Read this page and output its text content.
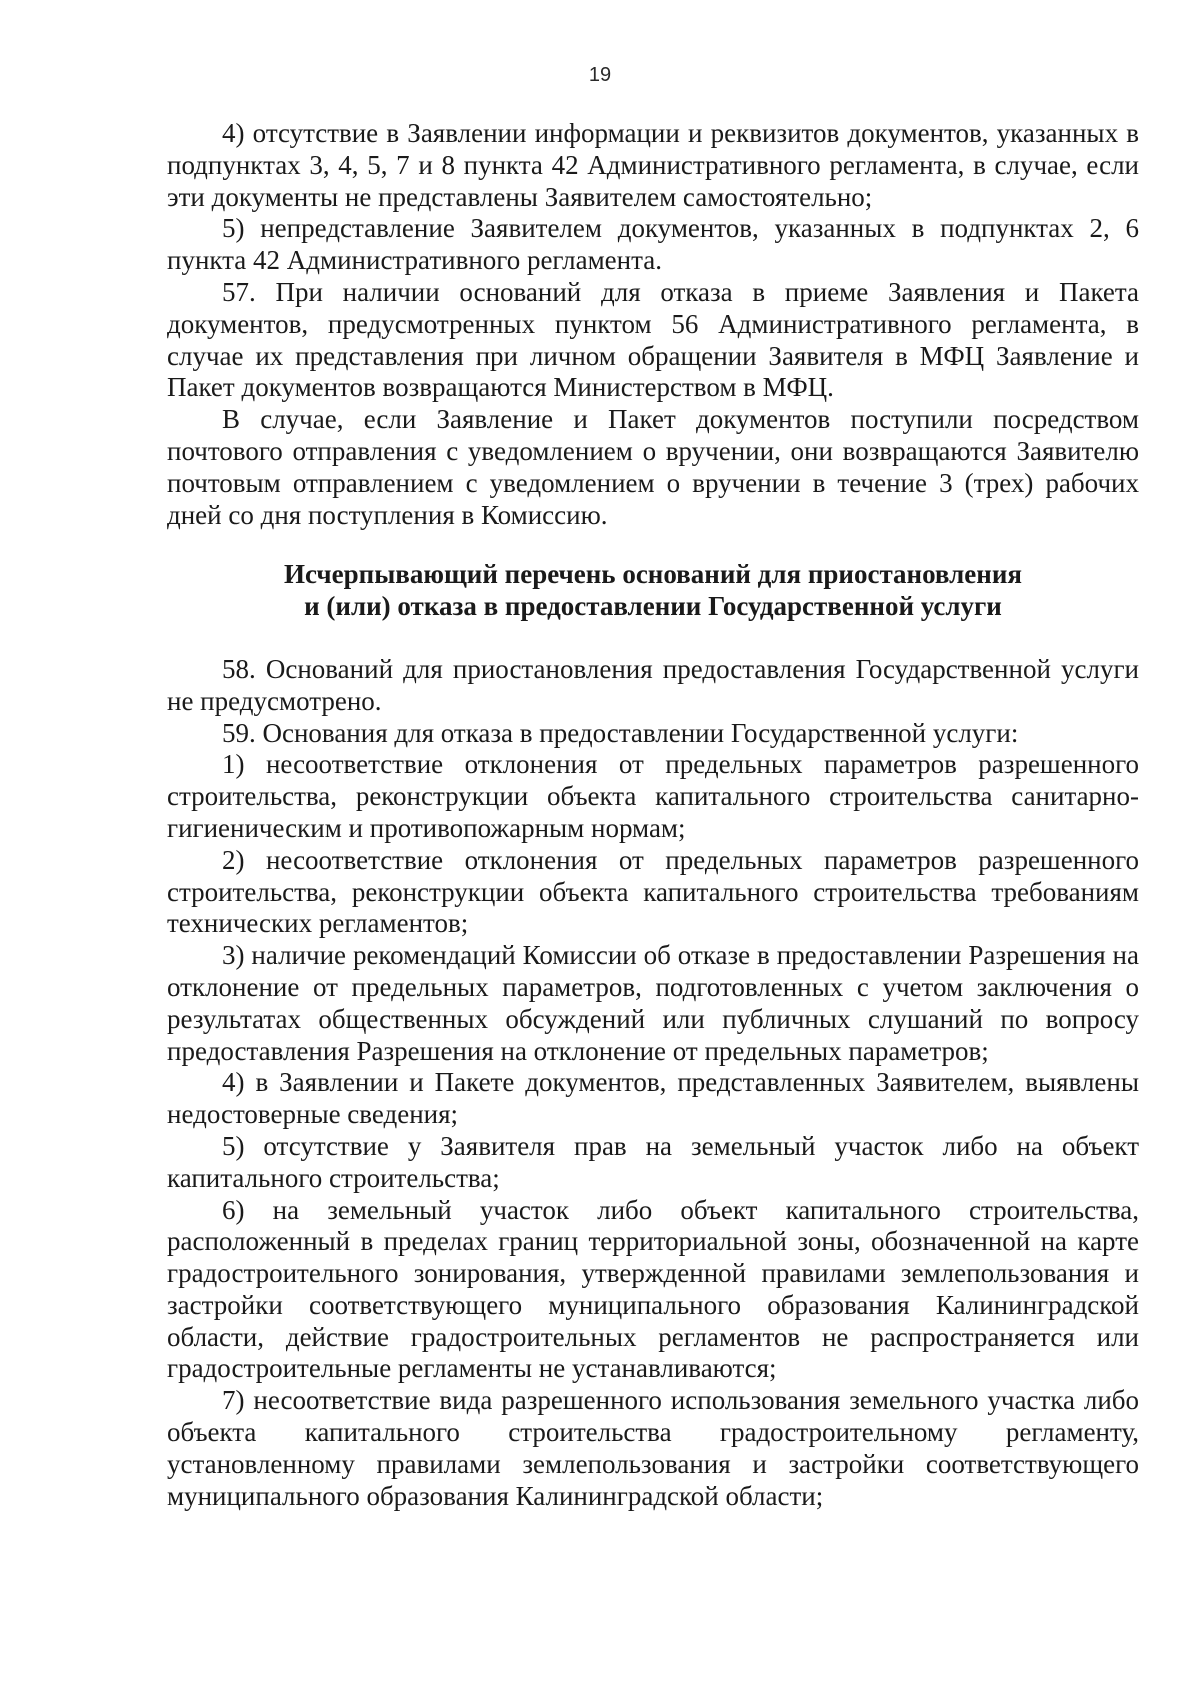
19

4) отсутствие в Заявлении информации и реквизитов документов, указанных в подпунктах 3, 4, 5, 7 и 8 пункта 42 Административного регламента, в случае, если эти документы не представлены Заявителем самостоятельно;

5) непредставление Заявителем документов, указанных в подпунктах 2, 6 пункта 42 Административного регламента.

57. При наличии оснований для отказа в приеме Заявления и Пакета документов, предусмотренных пунктом 56 Административного регламента, в случае их представления при личном обращении Заявителя в МФЦ Заявление и Пакет документов возвращаются Министерством в МФЦ.

В случае, если Заявление и Пакет документов поступили посредством почтового отправления с уведомлением о вручении, они возвращаются Заявителю почтовым отправлением с уведомлением о вручении в течение 3 (трех) рабочих дней со дня поступления в Комиссию.

Исчерпывающий перечень оснований для приостановления
и (или) отказа в предоставлении Государственной услуги

58. Оснований для приостановления предоставления Государственной услуги не предусмотрено.

59. Основания для отказа в предоставлении Государственной услуги:

1) несоответствие отклонения от предельных параметров разрешенного строительства, реконструкции объекта капитального строительства санитарно-гигиеническим и противопожарным нормам;

2) несоответствие отклонения от предельных параметров разрешенного строительства, реконструкции объекта капитального строительства требованиям технических регламентов;

3) наличие рекомендаций Комиссии об отказе в предоставлении Разрешения на отклонение от предельных параметров, подготовленных с учетом заключения о результатах общественных обсуждений или публичных слушаний по вопросу предоставления Разрешения на отклонение от предельных параметров;

4) в Заявлении и Пакете документов, представленных Заявителем, выявлены недостоверные сведения;

5) отсутствие у Заявителя прав на земельный участок либо на объект капитального строительства;

6) на земельный участок либо объект капитального строительства, расположенный в пределах границ территориальной зоны, обозначенной на карте градостроительного зонирования, утвержденной правилами землепользования и застройки соответствующего муниципального образования Калининградской области, действие градостроительных регламентов не распространяется или градостроительные регламенты не устанавливаются;

7) несоответствие вида разрешенного использования земельного участка либо объекта капитального строительства градостроительному регламенту, установленному правилами землепользования и застройки соответствующего муниципального образования Калининградской области;
